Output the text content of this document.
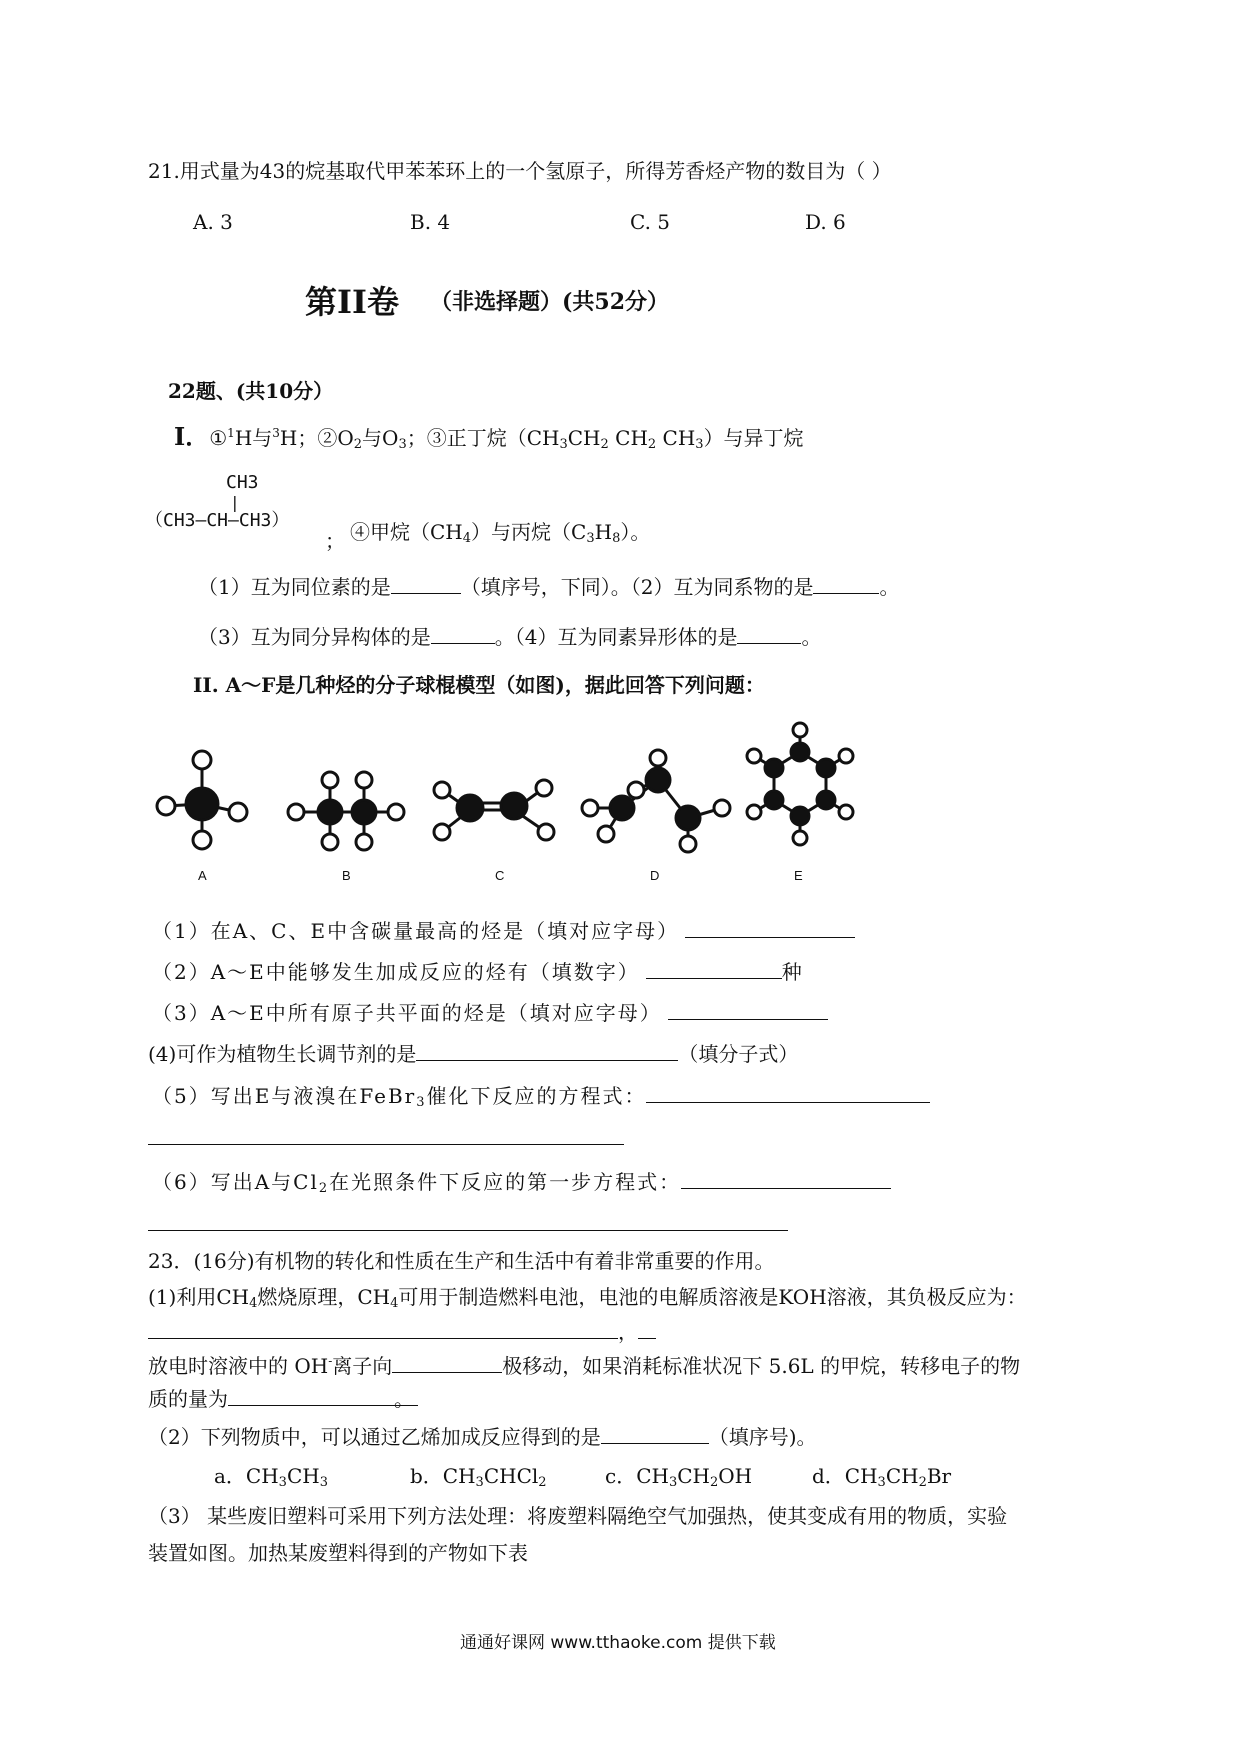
21.用式量为43的烷基取代甲苯苯环上的一个氢原子，所得芳香烃产物的数目为（ ）
A. 3	B. 4	C. 5	D. 6
第II卷 （非选择题）(共52分）
22题、(共10分）
I．①$^1$H与$^3$H；$②O_2$与$O_3$；③正丁烷（$CH_3CH_2$ $CH_2$ $CH_3$）与异丁烷
CH3
|
（CH3—CH—CH3）
； ④甲烷$(CH_4)$与丙烷$(C_3H_8)$。
（1）互为同位素的是	（填序号，下同）。（2）互为同系物的是	。
（3）互为同分异构体的是	。（4）互为同素异形体的是	。
II. A～F是几种烃的分子球棍模型（如图)，据此回答下列问题：
A	B	C	D	E
（1）在A、C、E中含碳量最高的烃是（填对应字母）
（2）A～E中能够发生加成反应的烃有（填数字）	种
（3）A～E中所有原子共平面的烃是（填对应字母）
(4)可作为植物生长调节剂的是	（填分子式）
（5）写出E与液溴在FeBr$_3$催化下反应的方程式：
（6）写出A与$Cl_2$在光照条件下反应的第一步方程式：
23．(16分)有机物的转化和性质在生产和生活中有着非常重要的作用。
(1)利用$CH_4$燃烧原理，$CH_4$可用于制造燃料电池，电池的电解质溶液是KOH溶液，其负极反应为：
，
放电时溶液中的 OH-离子向	极移动，如果消耗标准状况下 5.6L 的甲烷，转移电子的物
质的量为	。
（2）下列物质中，可以通过乙烯加成反应得到的是	（填序号)。
a．$CH_3CH_3$	b．$CH_3CHCl_2$	c．$CH_3CH_2OH$	d．$CH_3CH_2Br$
（3） 某些废旧塑料可采用下列方法处理：将废塑料隔绝空气加强热，使其变成有用的物质，实验
装置如图。加热某废塑料得到的产物如下表
通通好课网 www.tthaoke.com 提供下载
